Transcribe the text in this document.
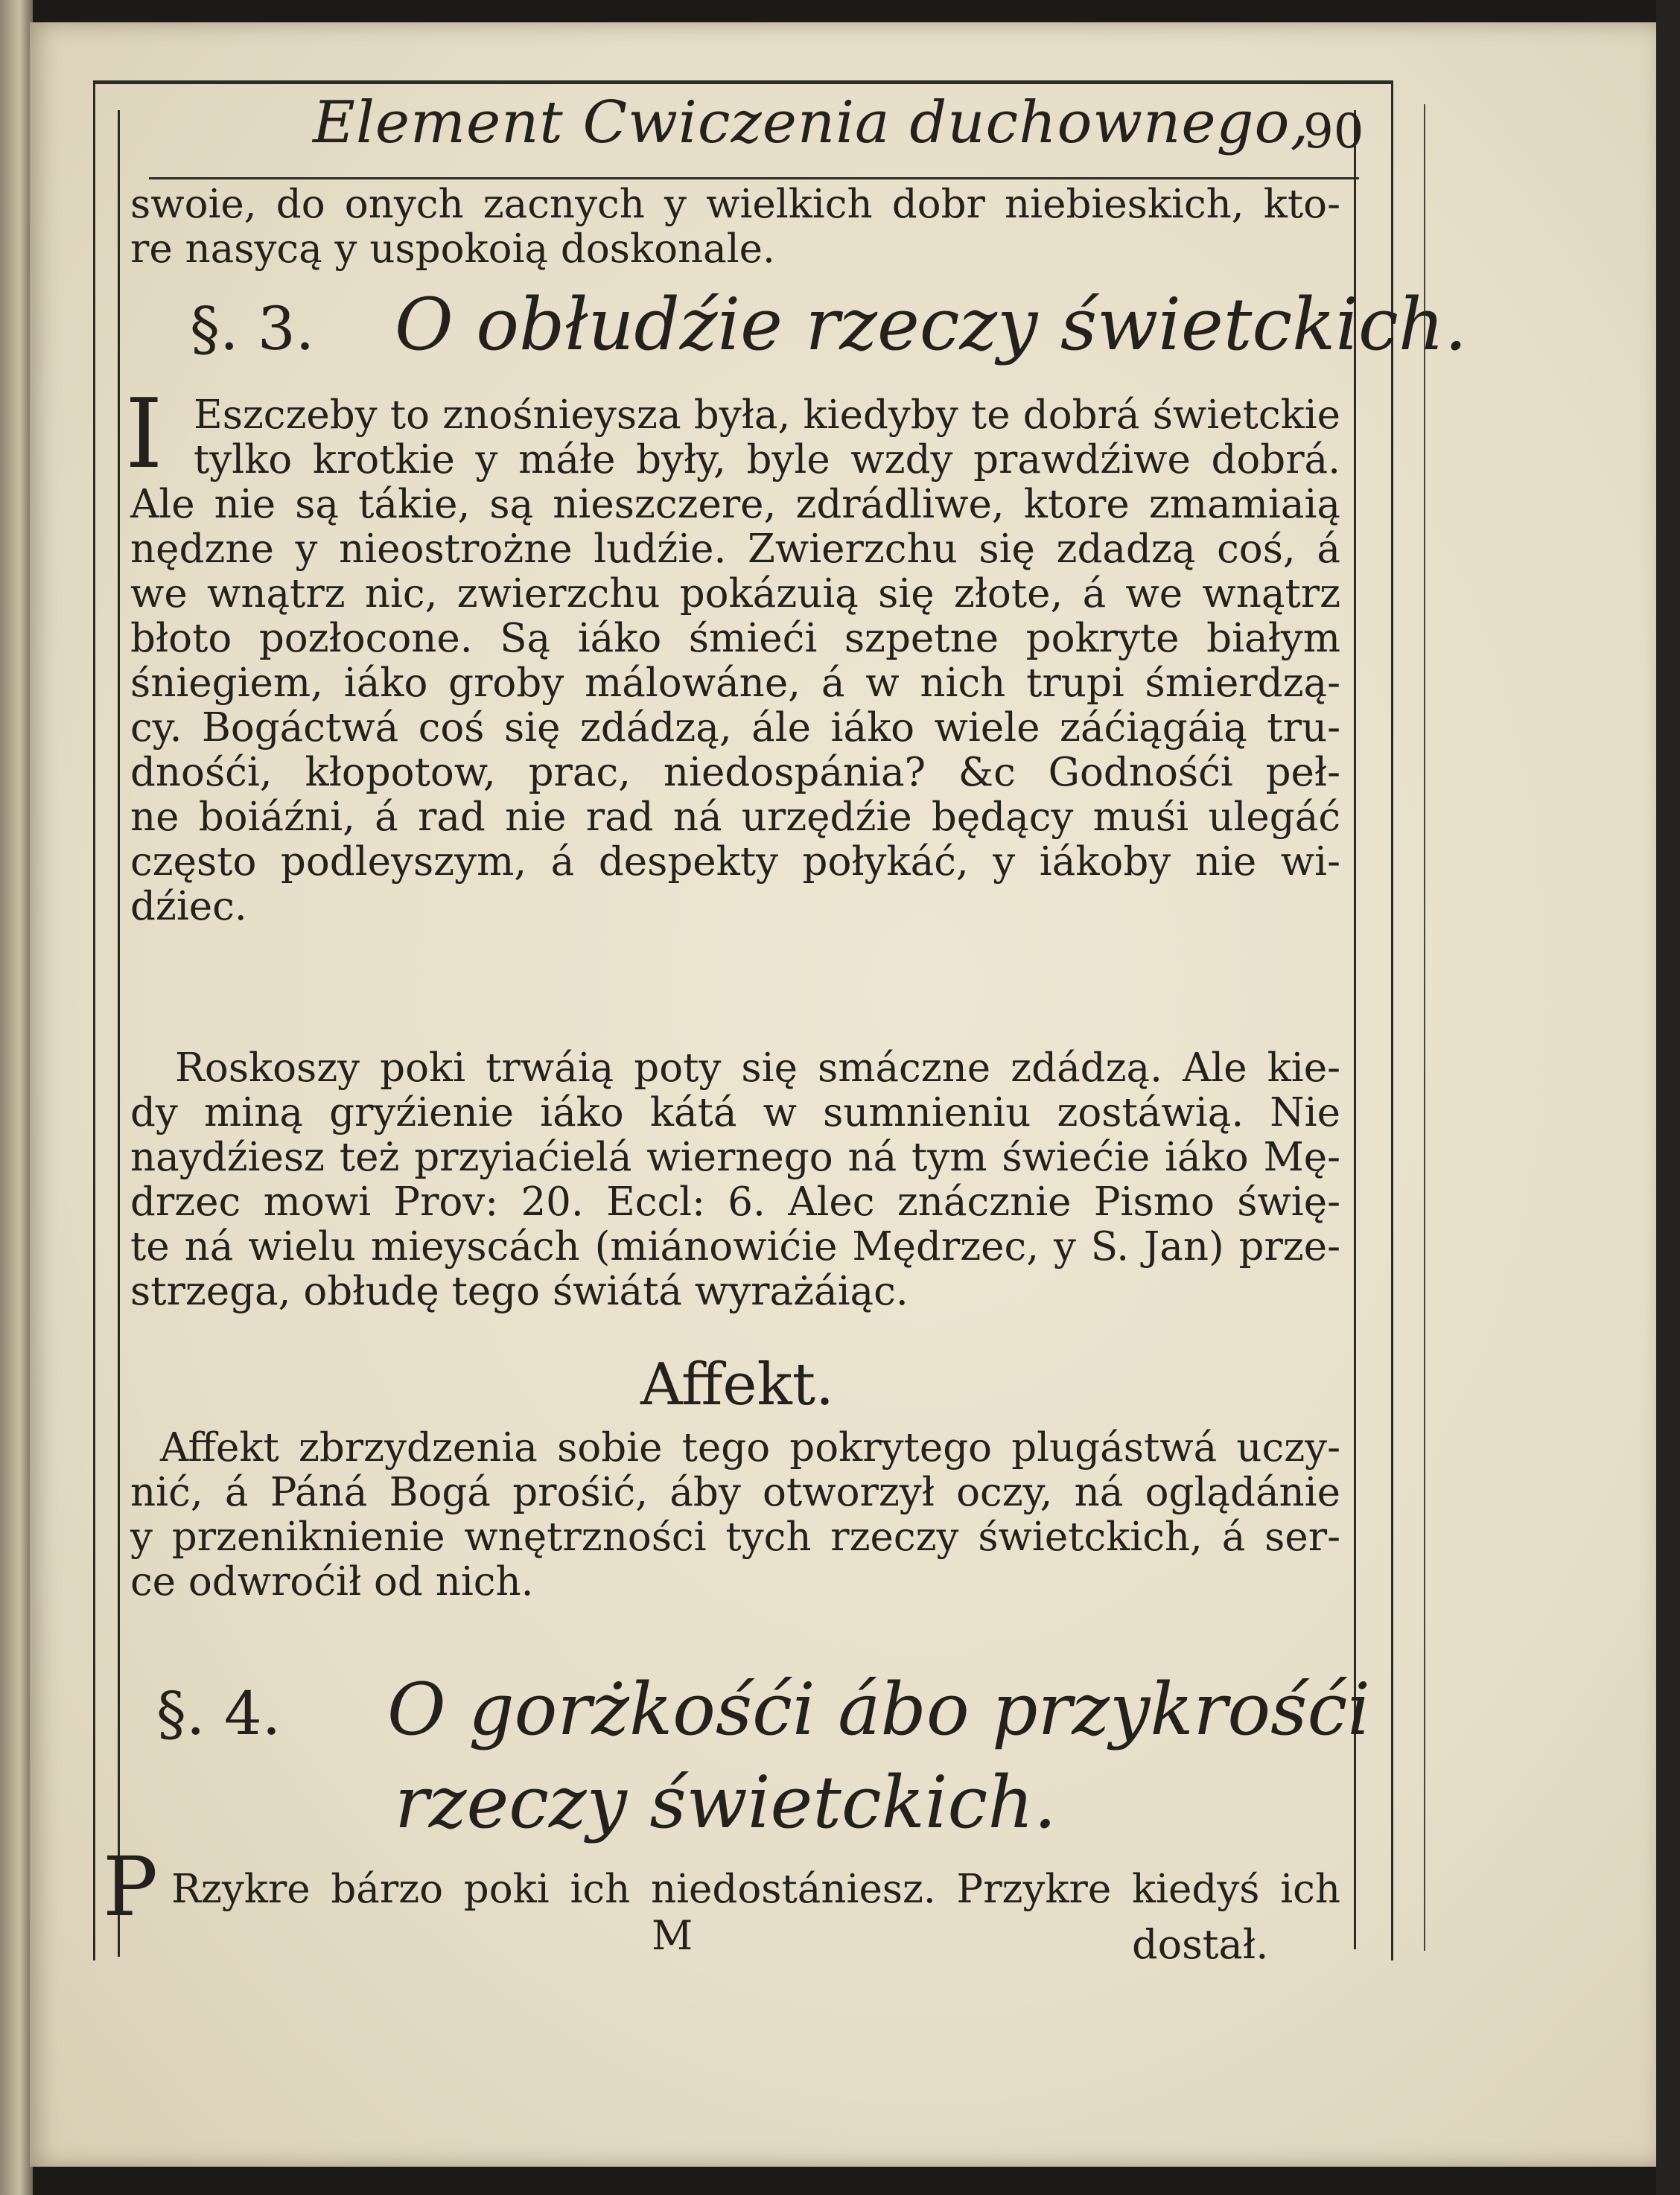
Element Cwiczenia duchownego,
90
swoie, do onych zacnych y wielkich dobr niebieskich, kto-
re nasycą y uspokoią doskonale.
§. 3. O obłudźie rzeczy świetckich.
I Eszczeby to znośnieysza była, kiedyby te dobrá świetckie
tylko krotkie y máłe były, byle wzdy prawdźiwe dobrá.
Ale nie są tákie, są nieszczere, zdrádliwe, ktore zmamiaią
nędzne y nieostrożne ludźie. Zwierzchu się zdadzą coś, á
we wnątrz nic, zwierzchu pokázuią się złote, á we wnątrz
błoto pozłocone. Są iáko śmieći szpetne pokryte białym
śniegiem, iáko groby málowáne, á w nich trupi śmierdzą-
cy. Bogáctwá coś się zdádzą, ále iáko wiele záćiągáią tru-
dnośći, kłopotow, prac, niedospánia? &c Godnośći peł-
ne boiáźni, á rad nie rad ná urzędźie będący muśi ulegáć
często podleyszym, á despekty połykáć, y iákoby nie wi-
dźiec.
Roskoszy poki trwáią poty się smáczne zdádzą. Ale kie-
dy miną gryźienie iáko kátá w sumnieniu zostáwią. Nie
naydźiesz też przyiaćielá wiernego ná tym świećie iáko Mę-
drzec mowi Prov: 20. Eccl: 6. Alec znácznie Pismo świę-
te ná wielu mieyscách (miánowićie Mędrzec, y S. Jan) prze-
strzega, obłudę tego świátá wyrażáiąc.
Affekt.
Affekt zbrzydzenia sobie tego pokrytego plugástwá uczy-
nić, á Páná Bogá prośić, áby otworzył oczy, ná oglądánie
y przeniknienie wnętrzności tych rzeczy świetckich, á ser-
ce odwroćił od nich.
§. 4. O gorżkośći ábo przykrośći
rzeczy świetckich.
P Rzykre bárzo poki ich niedostániesz. Przykre kiedyś ich
M	dostał.
